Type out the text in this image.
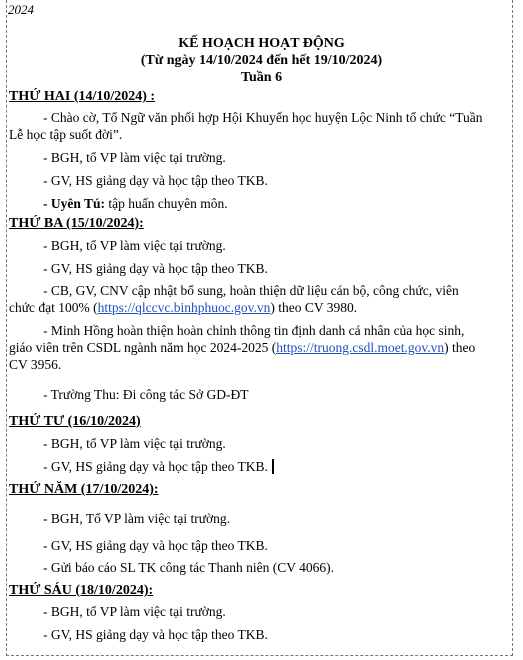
2024
KẾ HOẠCH HOẠT ĐỘNG
(Từ ngày 14/10/2024 đến hết 19/10/2024)
Tuần 6
THỨ HAI (14/10/2024) :
- Chào cờ, Tổ Ngữ văn phối hợp Hội Khuyến học huyện Lộc Ninh tổ chức “Tuần
Lễ học tập suốt đời”.
- BGH, tổ VP làm việc tại trường.
- GV, HS giảng dạy và học tập theo TKB.
- Uyên Tú: tập huấn chuyên môn.
THỨ BA (15/10/2024):
- BGH, tổ VP làm việc tại trường.
- GV, HS giảng dạy và học tập theo TKB.
- CB, GV, CNV cập nhật bổ sung, hoàn thiện dữ liệu cán bộ, công chức, viên
chức đạt 100% (https://qlccvc.binhphuoc.gov.vn) theo CV 3980.
- Minh Hồng hoàn thiện hoàn chỉnh thông tin định danh cá nhân của học sinh,
giáo viên trên CSDL ngành năm học 2024-2025 (https://truong.csdl.moet.gov.vn) theo
CV 3956.
- Trường Thu: Đi công tác Sở GD-ĐT
THỨ TƯ (16/10/2024)
- BGH, tổ VP làm việc tại trường.
- GV, HS giảng dạy và học tập theo TKB.
THỨ NĂM (17/10/2024):
- BGH, Tổ VP làm việc tại trường.
- GV, HS giảng dạy và học tập theo TKB.
- Gửi báo cáo SL TK công tác Thanh niên (CV 4066).
THỨ SÁU (18/10/2024):
- BGH, tổ VP làm việc tại trường.
- GV, HS giảng dạy và học tập theo TKB.
